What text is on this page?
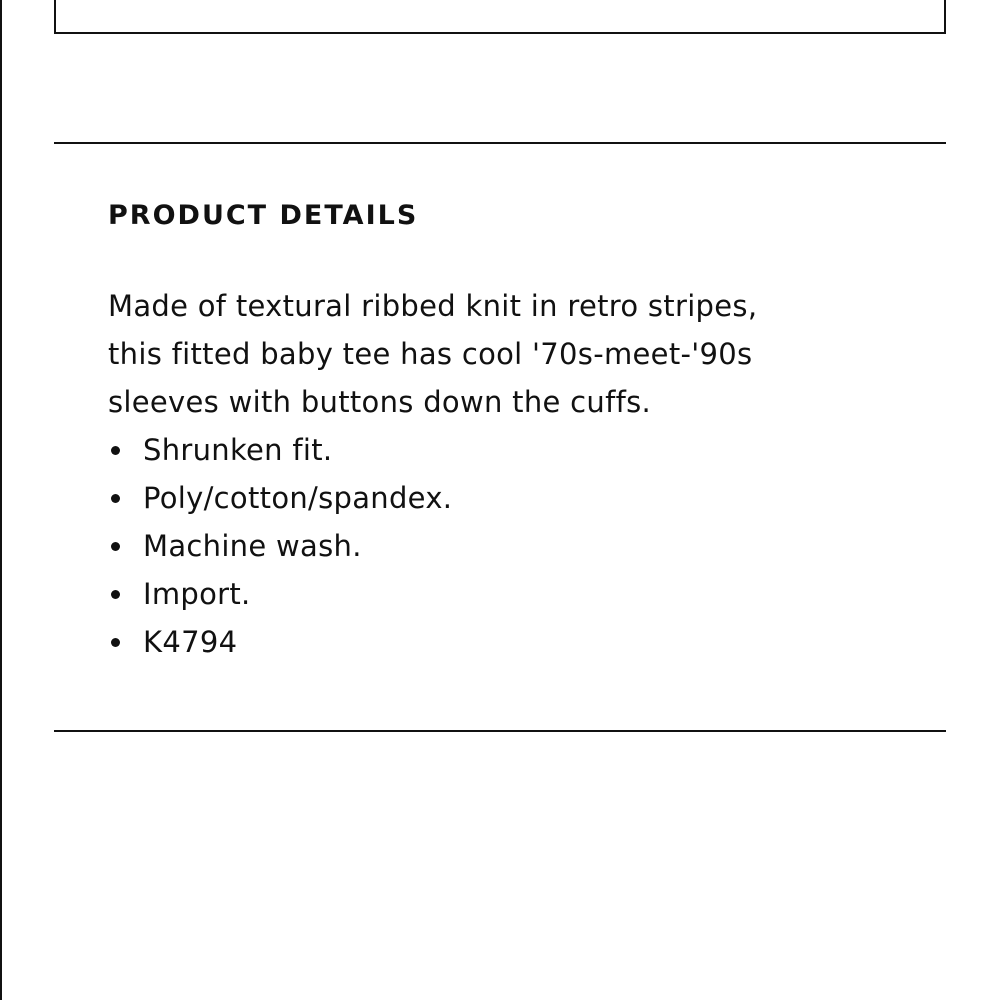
PRODUCT DETAILS

Made of textural ribbed knit in retro stripes,
this fitted baby tee has cool '70s-meet-'90s
sleeves with buttons down the cuffs.

Shrunken fit.
Poly/cotton/spandex.
Machine wash.
Import.
K4794
